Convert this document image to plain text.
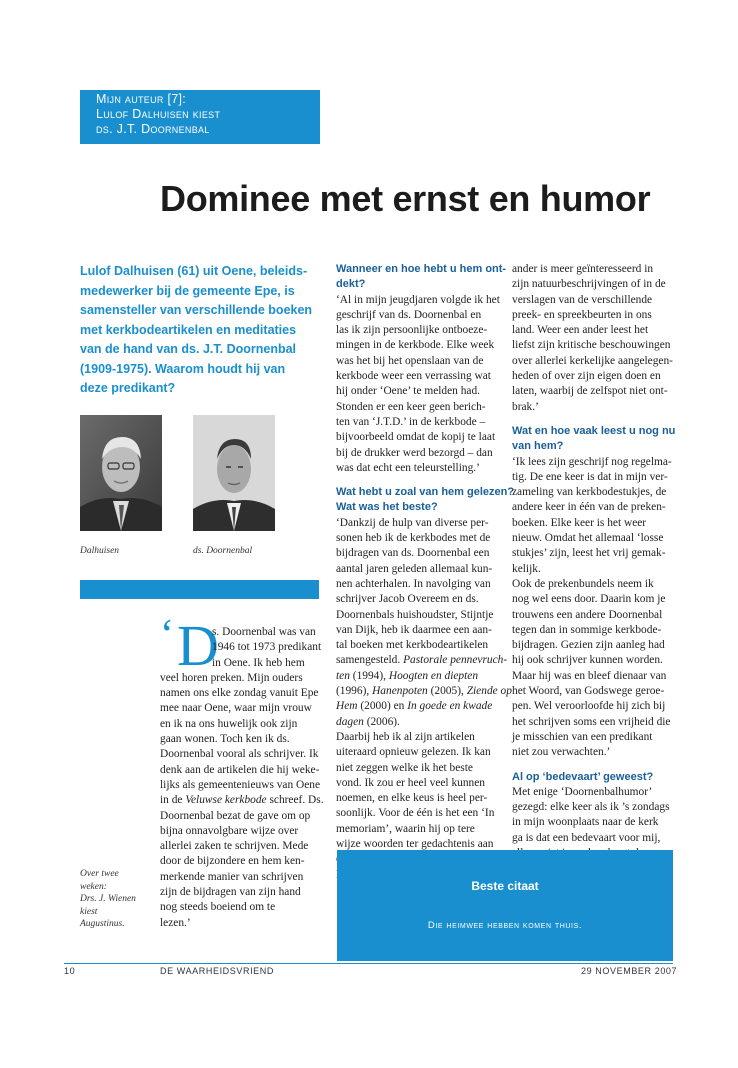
Mijn auteur [7]:
Lulof Dalhuisen kiest
ds. J.T. Doornenbal
Dominee met ernst en humor
Lulof Dalhuisen (61) uit Oene, beleids-
medewerker bij de gemeente Epe, is
samensteller van verschillende boeken
met kerkbodeartikelen en meditaties
van de hand van ds. J.T. Doornenbal
(1909-1975). Waarom houdt hij van
deze predikant?
Dalhuisen	ds. Doornenbal
‘ D
s. Doornenbal was van
1946 tot 1973 predikant
in Oene. Ik heb hem
veel horen preken. Mijn ouders
namen ons elke zondag vanuit Epe
mee naar Oene, waar mijn vrouw
en ik na ons huwelijk ook zijn
gaan wonen. Toch ken ik ds.
Doornenbal vooral als schrijver. Ik
denk aan de artikelen die hij weke-
lijks als gemeentenieuws van Oene
in de Veluwse kerkbode schreef. Ds.
Doornenbal bezat de gave om op
bijna onnavolgbare wijze over
allerlei zaken te schrijven. Mede
door de bijzondere en hem ken-
merkende manier van schrijven
zijn de bijdragen van zijn hand
nog steeds boeiend om te
lezen.’
Over twee
weken:
Drs. J. Wienen
kiest
Augustinus.
Wanneer en hoe hebt u hem ont-
dekt?
‘Al in mijn jeugdjaren volgde ik het
geschrijf van ds. Doornenbal en
las ik zijn persoonlijke ontboeze-
mingen in de kerkbode. Elke week
was het bij het openslaan van de
kerkbode weer een verrassing wat
hij onder ‘Oene’ te melden had.
Stonden er een keer geen berich-
ten van ‘J.T.D.’ in de kerkbode –
bijvoorbeeld omdat de kopij te laat
bij de drukker werd bezorgd – dan
was dat echt een teleurstelling.’
Wat hebt u zoal van hem gelezen?
Wat was het beste?
‘Dankzij de hulp van diverse per-
sonen heb ik de kerkbodes met de
bijdragen van ds. Doornenbal een
aantal jaren geleden allemaal kun-
nen achterhalen. In navolging van
schrijver Jacob Overeem en ds.
Doornenbals huishoudster, Stijntje
van Dijk, heb ik daarmee een aan-
tal boeken met kerkbodeartikelen
samengesteld. Pastorale pennevruch-
ten (1994), Hoogten en diepten
(1996), Hanenpoten (2005), Ziende op
Hem (2000) en In goede en kwade
dagen (2006).
Daarbij heb ik al zijn artikelen
uiteraard opnieuw gelezen. Ik kan
niet zeggen welke ik het beste
vond. Ik zou er heel veel kunnen
noemen, en elke keus is heel per-
soonlijk. Voor de één is het een ‘In
memoriam’, waarin hij op tere
wijze woorden ter gedachtenis aan
ander is meer geïnteresseerd in
zijn natuurbeschrijvingen of in de
verslagen van de verschillende
preek- en spreekbeurten in ons
land. Weer een ander leest het
liefst zijn kritische beschouwingen
over allerlei kerkelijke aangelegen-
heden of over zijn eigen doen en
laten, waarbij de zelfspot niet ont-
brak.’
Wat en hoe vaak leest u nog nu
van hem?
‘Ik lees zijn geschrijf nog regelma-
tig. De ene keer is dat in mijn ver-
zameling van kerkbodestukjes, de
andere keer in één van de preken-
boeken. Elke keer is het weer
nieuw. Omdat het allemaal ‘losse
stukjes’ zijn, leest het vrij gemak-
kelijk.
Ook de prekenbundels neem ik
nog wel eens door. Daarin kom je
trouwens een andere Doornenbal
tegen dan in sommige kerkbode-
bijdragen. Gezien zijn aanleg had
hij ook schrijver kunnen worden.
Maar hij was en bleef dienaar van
het Woord, van Godswege geroe-
pen. Wel veroorloofde hij zich bij
het schrijven soms een vrijheid die
je misschien van een predikant
niet zou verwachten.’
Al op ‘bedevaart’ geweest?
Met enige ‘Doornenbalhumor’
gezegd: elke keer als ik ’s zondags
in mijn woonplaats naar de kerk
ga is dat een bedevaart voor mij,
Beste citaat
Die heimwee hebben komen thuis.
10	DE WAARHEIDSVRIEND	29 NOVEMBER 2007
